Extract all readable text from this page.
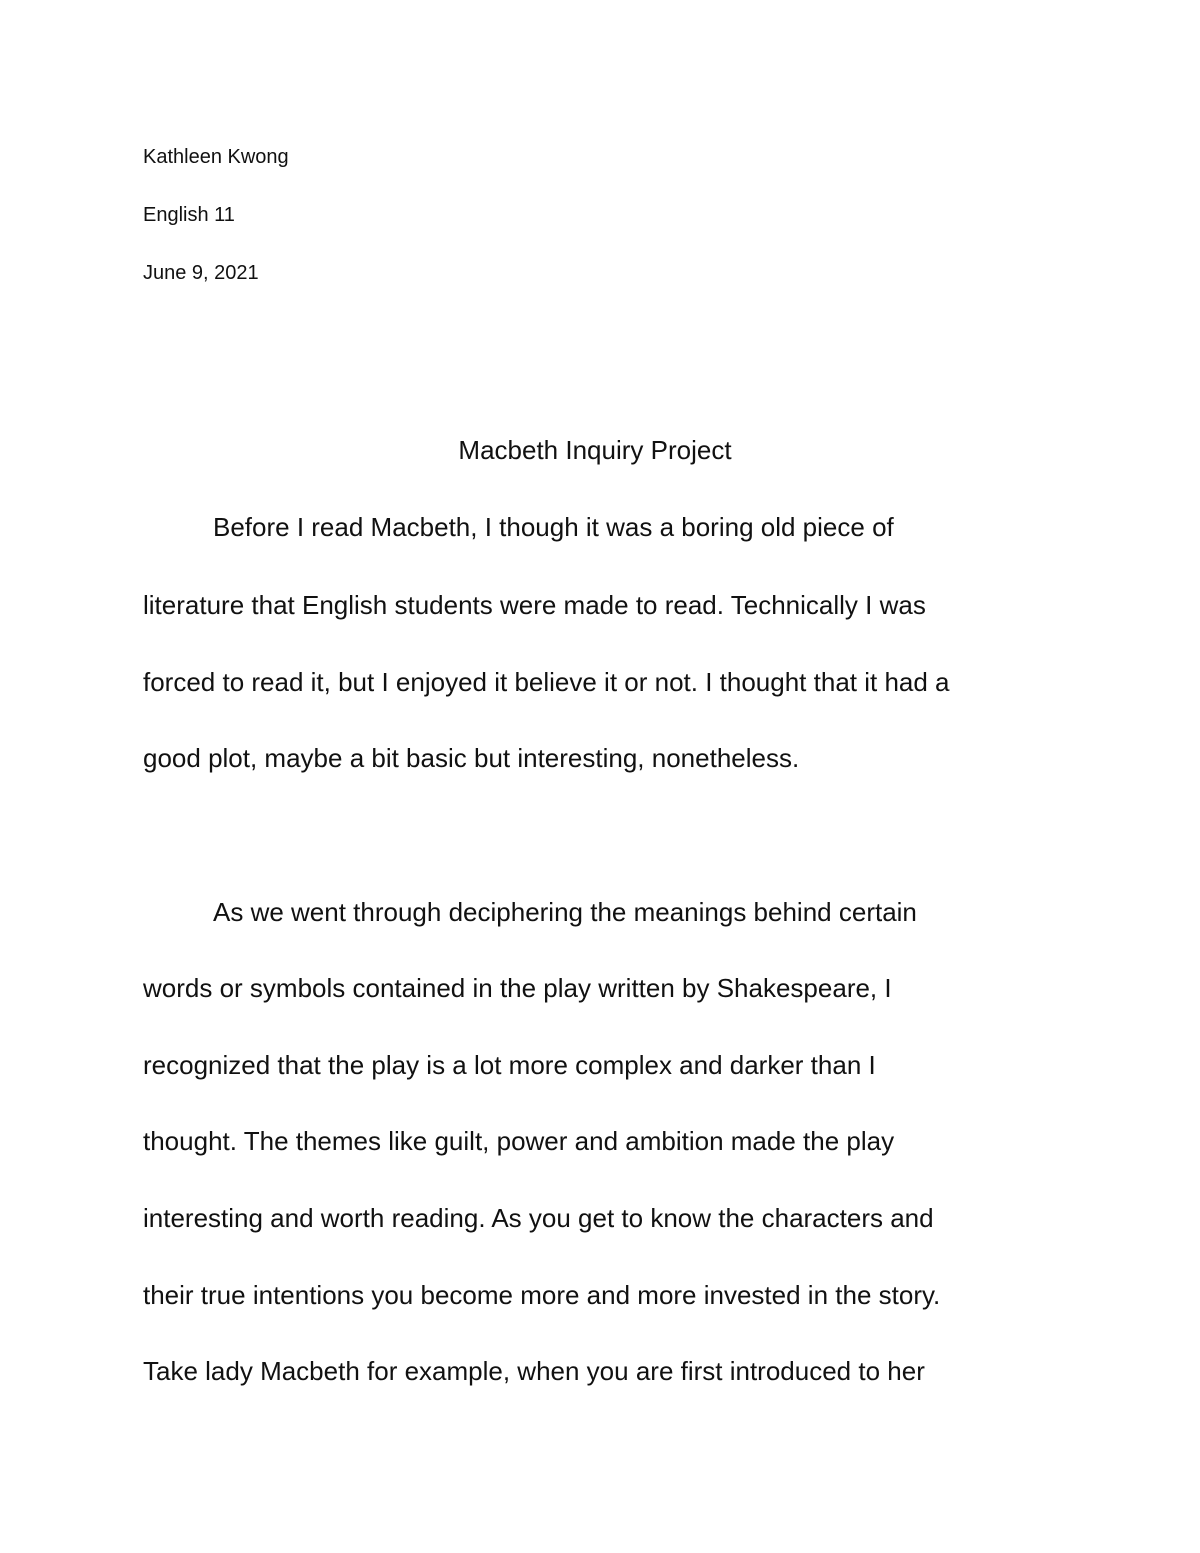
Kathleen Kwong
English 11
June 9, 2021
Macbeth Inquiry Project
Before I read Macbeth, I though it was a boring old piece of
literature that English students were made to read. Technically I was
forced to read it, but I enjoyed it believe it or not. I thought that it had a
good plot, maybe a bit basic but interesting, nonetheless.
As we went through deciphering the meanings behind certain
words or symbols contained in the play written by Shakespeare, I
recognized that the play is a lot more complex and darker than I
thought. The themes like guilt, power and ambition made the play
interesting and worth reading. As you get to know the characters and
their true intentions you become more and more invested in the story.
Take lady Macbeth for example, when you are first introduced to her
